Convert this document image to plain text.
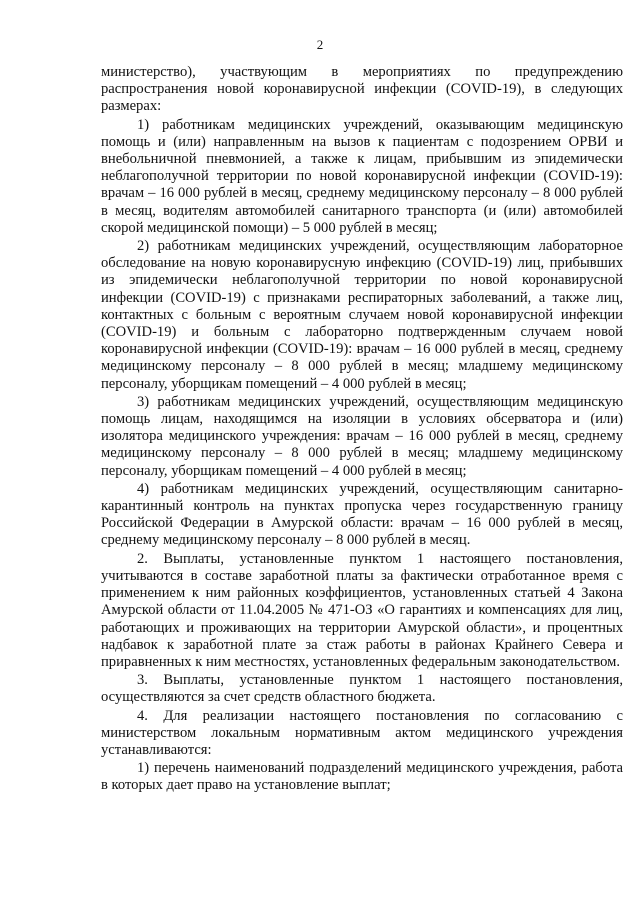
2

министерство), участвующим в мероприятиях по предупреждению распространения новой коронавирусной инфекции (COVID-19), в следующих размерах:

1) работникам медицинских учреждений, оказывающим медицинскую помощь и (или) направленным на вызов к пациентам с подозрением ОРВИ и внебольничной пневмонией, а также к лицам, прибывшим из эпидемически неблагополучной территории по новой коронавирусной инфекции (COVID-19): врачам – 16 000 рублей в месяц, среднему медицинскому персоналу – 8 000 рублей в месяц, водителям автомобилей санитарного транспорта (и (или) автомобилей скорой медицинской помощи) – 5 000 рублей в месяц;

2) работникам медицинских учреждений, осуществляющим лабораторное обследование на новую коронавирусную инфекцию (COVID-19) лиц, прибывших из эпидемически неблагополучной территории по новой коронавирусной инфекции (COVID-19) с признаками респираторных заболеваний, а также лиц, контактных с больным с вероятным случаем новой коронавирусной инфекции (COVID-19) и больным с лабораторно подтвержденным случаем новой коронавирусной инфекции (COVID-19): врачам – 16 000 рублей в месяц, среднему медицинскому персоналу – 8 000 рублей в месяц; младшему медицинскому персоналу, уборщикам помещений – 4 000 рублей в месяц;

3) работникам медицинских учреждений, осуществляющим медицинскую помощь лицам, находящимся на изоляции в условиях обсерватора и (или) изолятора медицинского учреждения: врачам – 16 000 рублей в месяц, среднему медицинскому персоналу – 8 000 рублей в месяц; младшему медицинскому персоналу, уборщикам помещений – 4 000 рублей в месяц;

4) работникам медицинских учреждений, осуществляющим санитарно-карантинный контроль на пунктах пропуска через государственную границу Российской Федерации в Амурской области: врачам – 16 000 рублей в месяц, среднему медицинскому персоналу – 8 000 рублей в месяц.

2. Выплаты, установленные пунктом 1 настоящего постановления, учитываются в составе заработной платы за фактически отработанное время с применением к ним районных коэффициентов, установленных статьей 4 Закона Амурской области от 11.04.2005 № 471-ОЗ «О гарантиях и компенсациях для лиц, работающих и проживающих на территории Амурской области», и процентных надбавок к заработной плате за стаж работы в районах Крайнего Севера и приравненных к ним местностях, установленных федеральным законодательством.

3. Выплаты, установленные пунктом 1 настоящего постановления, осуществляются за счет средств областного бюджета.

4. Для реализации настоящего постановления по согласованию с министерством локальным нормативным актом медицинского учреждения устанавливаются:

1) перечень наименований подразделений медицинского учреждения, работа в которых дает право на установление выплат;
